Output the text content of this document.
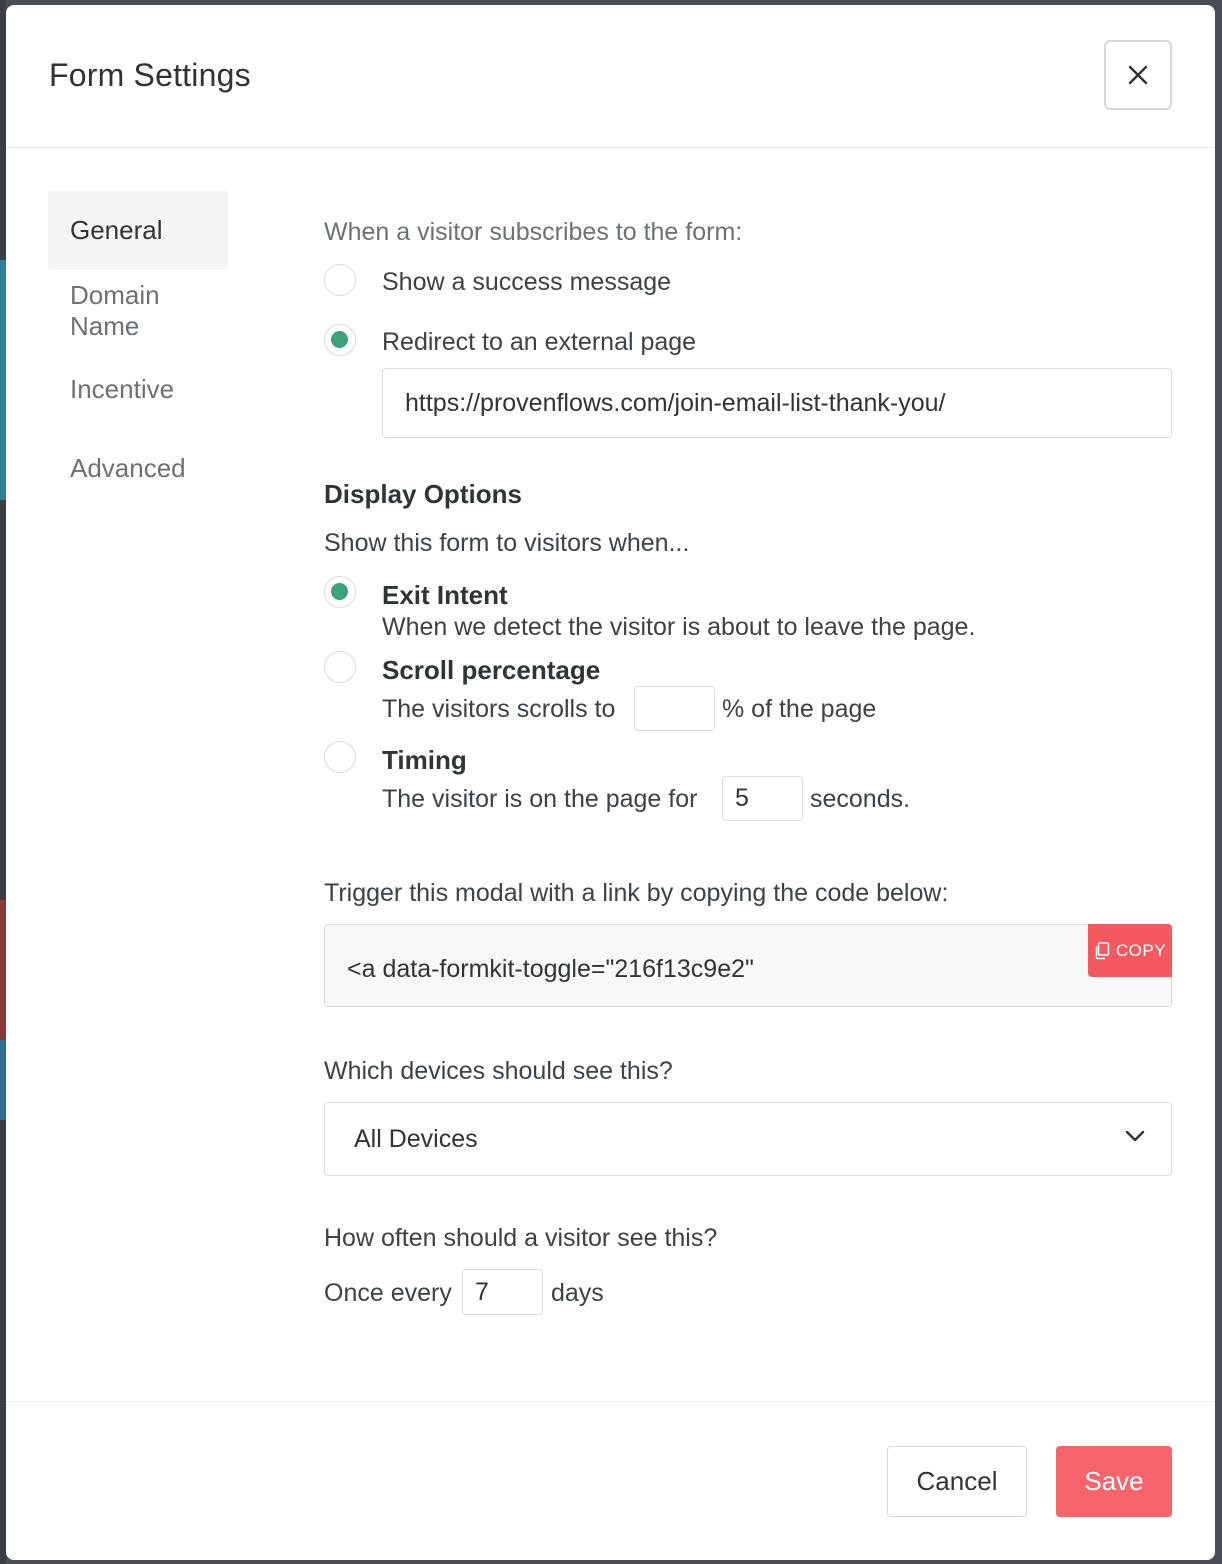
Form Settings
General
Domain Name
Incentive
Advanced
When a visitor subscribes to the form:
Show a success message
Redirect to an external page
https://provenflows.com/join-email-list-thank-you/
Display Options
Show this form to visitors when...
Exit Intent
When we detect the visitor is about to leave the page.
Scroll percentage
The visitors scrolls to	% of the page
Timing
The visitor is on the page for
5	seconds.
Trigger this modal with a link by copying the code below:
<a data-formkit-toggle="216f13c9e2"
COPY
Which devices should see this?
All Devices
How often should a visitor see this?
Once every
7	days
Cancel	Save
